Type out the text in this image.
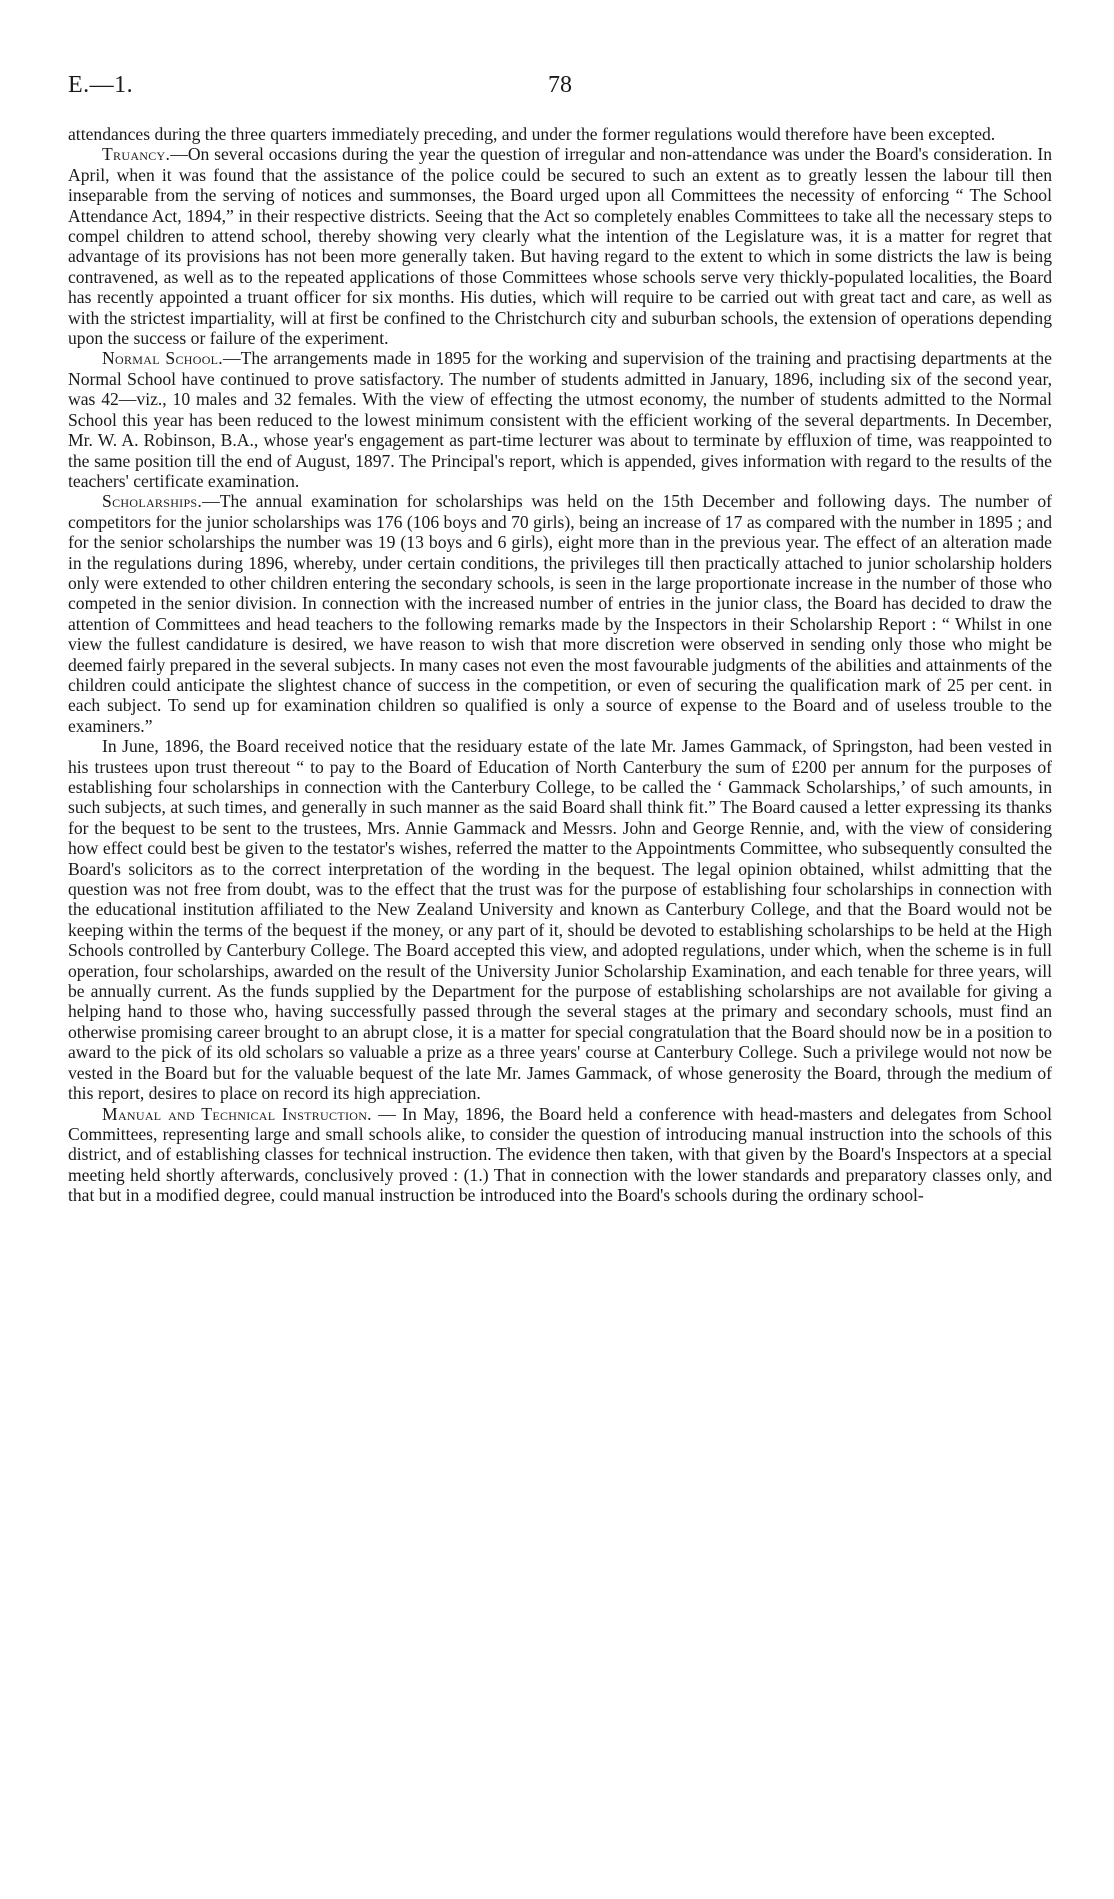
E.—1.	78

attendances during the three quarters immediately preceding, and under the former regulations would therefore have been excepted.

Truancy.—On several occasions during the year the question of irregular and non-attendance was under the Board's consideration. In April, when it was found that the assistance of the police could be secured to such an extent as to greatly lessen the labour till then inseparable from the serving of notices and summonses, the Board urged upon all Committees the necessity of enforcing “ The School Attendance Act, 1894,” in their respective districts. Seeing that the Act so completely enables Committees to take all the necessary steps to compel children to attend school, thereby showing very clearly what the intention of the Legislature was, it is a matter for regret that advantage of its provisions has not been more generally taken. But having regard to the extent to which in some districts the law is being contravened, as well as to the repeated applications of those Committees whose schools serve very thickly-populated localities, the Board has recently appointed a truant officer for six months. His duties, which will require to be carried out with great tact and care, as well as with the strictest impartiality, will at first be confined to the Christchurch city and suburban schools, the extension of operations depending upon the success or failure of the experiment.

Normal School.—The arrangements made in 1895 for the working and supervision of the training and practising departments at the Normal School have continued to prove satisfactory. The number of students admitted in January, 1896, including six of the second year, was 42—viz., 10 males and 32 females. With the view of effecting the utmost economy, the number of students admitted to the Normal School this year has been reduced to the lowest minimum consistent with the efficient working of the several departments. In December, Mr. W. A. Robinson, B.A., whose year's engagement as part-time lecturer was about to terminate by effluxion of time, was reappointed to the same position till the end of August, 1897. The Principal's report, which is appended, gives information with regard to the results of the teachers' certificate examination.

Scholarships.—The annual examination for scholarships was held on the 15th December and following days. The number of competitors for the junior scholarships was 176 (106 boys and 70 girls), being an increase of 17 as compared with the number in 1895 ; and for the senior scholarships the number was 19 (13 boys and 6 girls), eight more than in the previous year. The effect of an alteration made in the regulations during 1896, whereby, under certain conditions, the privileges till then practically attached to junior scholarship holders only were extended to other children entering the secondary schools, is seen in the large proportionate increase in the number of those who competed in the senior division. In connection with the increased number of entries in the junior class, the Board has decided to draw the attention of Committees and head teachers to the following remarks made by the Inspectors in their Scholarship Report : “ Whilst in one view the fullest candidature is desired, we have reason to wish that more discretion were observed in sending only those who might be deemed fairly prepared in the several subjects. In many cases not even the most favourable judgments of the abilities and attainments of the children could anticipate the slightest chance of success in the competition, or even of securing the qualification mark of 25 per cent. in each subject. To send up for examination children so qualified is only a source of expense to the Board and of useless trouble to the examiners.”

In June, 1896, the Board received notice that the residuary estate of the late Mr. James Gammack, of Springston, had been vested in his trustees upon trust thereout “ to pay to the Board of Education of North Canterbury the sum of £200 per annum for the purposes of establishing four scholarships in connection with the Canterbury College, to be called the ‘ Gammack Scholarships,’ of such amounts, in such subjects, at such times, and generally in such manner as the said Board shall think fit.” The Board caused a letter expressing its thanks for the bequest to be sent to the trustees, Mrs. Annie Gammack and Messrs. John and George Rennie, and, with the view of considering how effect could best be given to the testator's wishes, referred the matter to the Appointments Committee, who subsequently consulted the Board's solicitors as to the correct interpretation of the wording in the bequest. The legal opinion obtained, whilst admitting that the question was not free from doubt, was to the effect that the trust was for the purpose of establishing four scholarships in connection with the educational institution affiliated to the New Zealand University and known as Canterbury College, and that the Board would not be keeping within the terms of the bequest if the money, or any part of it, should be devoted to establishing scholarships to be held at the High Schools controlled by Canterbury College. The Board accepted this view, and adopted regulations, under which, when the scheme is in full operation, four scholarships, awarded on the result of the University Junior Scholarship Examination, and each tenable for three years, will be annually current. As the funds supplied by the Department for the purpose of establishing scholarships are not available for giving a helping hand to those who, having successfully passed through the several stages at the primary and secondary schools, must find an otherwise promising career brought to an abrupt close, it is a matter for special congratulation that the Board should now be in a position to award to the pick of its old scholars so valuable a prize as a three years' course at Canterbury College. Such a privilege would not now be vested in the Board but for the valuable bequest of the late Mr. James Gammack, of whose generosity the Board, through the medium of this report, desires to place on record its high appreciation.

Manual and Technical Instruction. — In May, 1896, the Board held a conference with head-masters and delegates from School Committees, representing large and small schools alike, to consider the question of introducing manual instruction into the schools of this district, and of establishing classes for technical instruction. The evidence then taken, with that given by the Board's Inspectors at a special meeting held shortly afterwards, conclusively proved : (1.) That in connection with the lower standards and preparatory classes only, and that but in a modified degree, could manual instruction be introduced into the Board's schools during the ordinary school-
